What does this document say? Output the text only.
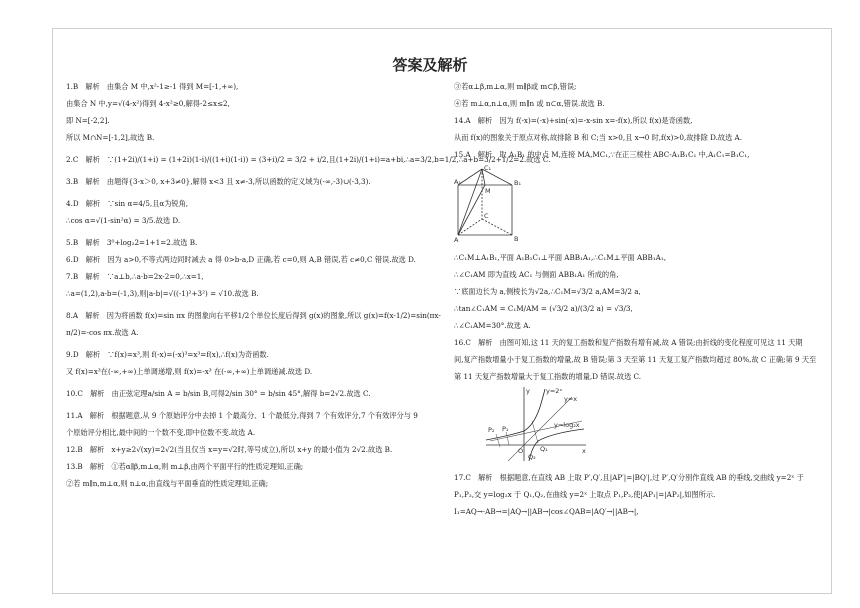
答案及解析
1.B　解析　由集合 M 中,x²-1≥-1 得到 M=[-1,+∞),
由集合 N 中,y=√(4-x²)得到 4-x²≥0,解得-2≤x≤2,
即 N=[-2,2].
所以 M∩N=[-1,2],故选 B.
2.C　解析　∵(1+2i)/(1+i) = (1+2i)(1-i)/((1+i)(1-i)) = (3+i)/2 = 3/2 + i/2,且(1+2i)/(1+i)=a+bi,∴a=3/2,b=1/2,∴a+b=3/2+1/2=2.故选 C.
3.B　解析　由题得{3-x＞0, x+3≠0},解得 x<3 且 x≠-3,所以函数的定义域为(-∞,-3)∪(-3,3).
4.D　解析　∵sin α=4/5,且α为锐角,
∴cos α=√(1-sin²α) = 3/5.故选 D.
5.B　解析　3⁰+log₂2=1+1=2.故选 B.
6.D　解析　因为 a>0,不等式两边同时减去 a 得 0>b-a,D 正确,若 c=0,则 A,B 错误,若 c≠0,C 错误.故选 D.
7.B　解析　∵a⊥b,∴a·b=2x-2=0,∴x=1,
∴a=(1,2),a-b=(-1,3),则|a-b|=√((-1)²+3²) = √10.故选 B.
8.A　解析　因为将函数 f(x)=sin πx 的图象向右平移1/2个单位长度后得到 g(x)的图象,所以 g(x)=f(x-1/2)=sin(πx-
π/2)=-cos πx.故选 A.
9.D　解析　∵f(x)=x³,则 f(-x)=(-x)³=x³=f(x),∴f(x)为奇函数.
又 f(x)=x³在(-∞,+∞)上单调递增,则 f(x)=-x³ 在(-∞,+∞)上单调递减.故选 D.
10.C　解析　由正弦定理a/sin A = b/sin B,可得2/sin 30° = b/sin 45°,解得 b=2√2.故选 C.
11.A　解析　根据题意,从 9 个原始评分中去掉 1 个最高分、1 个最低分,得到 7 个有效评分,7 个有效评分与 9
个原始评分相比,最中间的一个数不变,即中位数不变.故选 A.
12.B　解析　x+y≥2√(xy)=2√2(当且仅当 x=y=√2时,等号成立),所以 x+y 的最小值为 2√2.故选 B.
13.B　解析　①若α∥β,m⊥α,则 m⊥β,由两个平面平行的性质定理知,正确;
②若 m∥n,m⊥α,则 n⊥α,由直线与平面垂直的性质定理知,正确;
③若α⊥β,m⊥α,则 m∥β或 m⊂β,错误;
④若 m⊥α,n⊥α,则 m∥n 或 n⊂α,错误.故选 B.
14.A　解析　因为 f(-x)=(-x)+sin(-x)=-x-sin x=-f(x),所以 f(x)是奇函数,
从而 f(x)的图象关于原点对称,故排除 B 和 C;当 x>0,且 x→0 时,f(x)>0,故排除 D.故选 A.
15.A　解析　取 A₁B₁ 的中点 M,连接 MA,MC₁,∵在正三棱柱 ABC-A₁B₁C₁ 中,A₁C₁=B₁C₁,
C₁
A₁	B₁
M
C
A	B
∴C₁M⊥A₁B₁,平面 A₁B₁C₁⊥平面 ABB₁A₁,∴C₁M⊥平面 ABB₁A₁,
∴∠C₁AM 即为直线 AC₁ 与侧面 ABB₁A₁ 所成的角,
∵底面边长为 a,侧棱长为√2a,∴C₁M=√3/2 a,AM=3/2 a,
∴tan∠C₁AM = C₁M/AM = (√3/2 a)/(3/2 a) = √3/3,
∴∠C₁AM=30°.故选 A.
16.C　解析　由图可知,这 11 天的复工指数和复产指数有增有减,故 A 错误;由折线的变化程度可见这 11 天期
间,复产指数增量小于复工指数的增量,故 B 错误;第 3 天至第 11 天复工复产指数均超过 80%,故 C 正确;第 9 天至
第 11 天复产指数增量大于复工指数的增量,D 错误.故选 C.
y y=2ˣ
y=x
P₂ P₁
Q₂
Q₁
O	x
y=log₂x
17.C　解析　根据题意,在直线 AB 上取 P′,Q′,且|AP′|=|BQ′|,过 P′,Q′分别作直线 AB 的垂线,交曲线 y=2ˣ 于
P₁,P₂,交 y=log₂x 于 Q₁,Q₂,在曲线 y=2ˣ 上取点 P₁,P₂,使|AP₁|=|AP₂|,如图所示.
I₁=AQ→·AB→=|AQ→||AB→|cos∠QAB=|AQ′→||AB→|,
